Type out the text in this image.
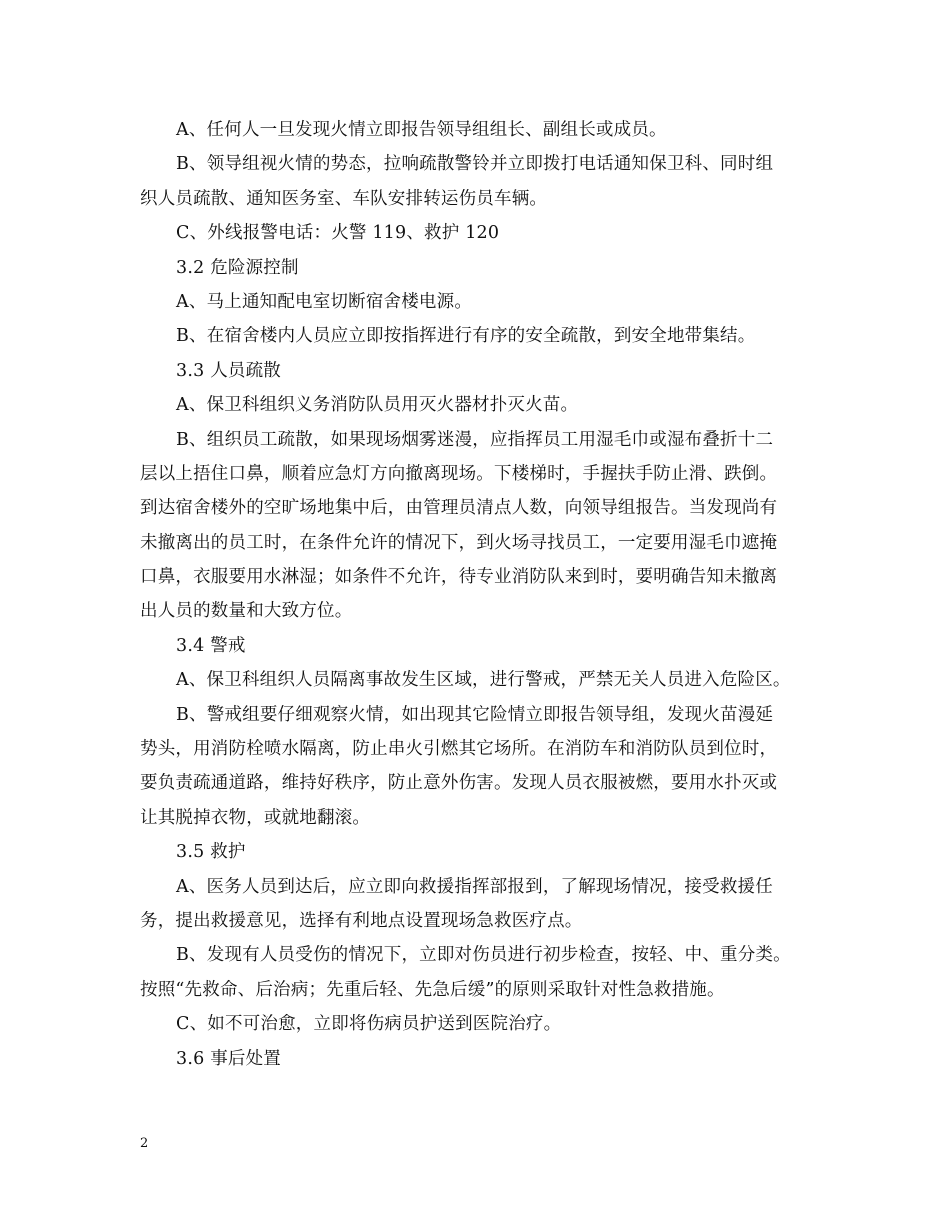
A、任何人一旦发现火情立即报告领导组组长、副组长或成员。
B、领导组视火情的势态，拉响疏散警铃并立即拨打电话通知保卫科、同时组
织人员疏散、通知医务室、车队安排转运伤员车辆。
C、外线报警电话：火警 119、救护 120
3.2 危险源控制
A、马上通知配电室切断宿舍楼电源。
B、在宿舍楼内人员应立即按指挥进行有序的安全疏散，到安全地带集结。
3.3 人员疏散
A、保卫科组织义务消防队员用灭火器材扑灭火苗。
B、组织员工疏散，如果现场烟雾迷漫，应指挥员工用湿毛巾或湿布叠折十二
层以上捂住口鼻，顺着应急灯方向撤离现场。下楼梯时，手握扶手防止滑、跌倒。
到达宿舍楼外的空旷场地集中后，由管理员清点人数，向领导组报告。当发现尚有
未撤离出的员工时，在条件允许的情况下，到火场寻找员工，一定要用湿毛巾遮掩
口鼻，衣服要用水淋湿；如条件不允许，待专业消防队来到时，要明确告知未撤离
出人员的数量和大致方位。
3.4 警戒
A、保卫科组织人员隔离事故发生区域，进行警戒，严禁无关人员进入危险区。
B、警戒组要仔细观察火情，如出现其它险情立即报告领导组，发现火苗漫延
势头，用消防栓喷水隔离，防止串火引燃其它场所。在消防车和消防队员到位时，
要负责疏通道路，维持好秩序，防止意外伤害。发现人员衣服被燃，要用水扑灭或
让其脱掉衣物，或就地翻滚。
3.5 救护
A、医务人员到达后，应立即向救援指挥部报到，了解现场情况，接受救援任
务，提出救援意见，选择有利地点设置现场急救医疗点。
B、发现有人员受伤的情况下，立即对伤员进行初步检查，按轻、中、重分类。
按照“先救命、后治病；先重后轻、先急后缓”的原则采取针对性急救措施。
C、如不可治愈，立即将伤病员护送到医院治疗。
3.6 事后处置
2
